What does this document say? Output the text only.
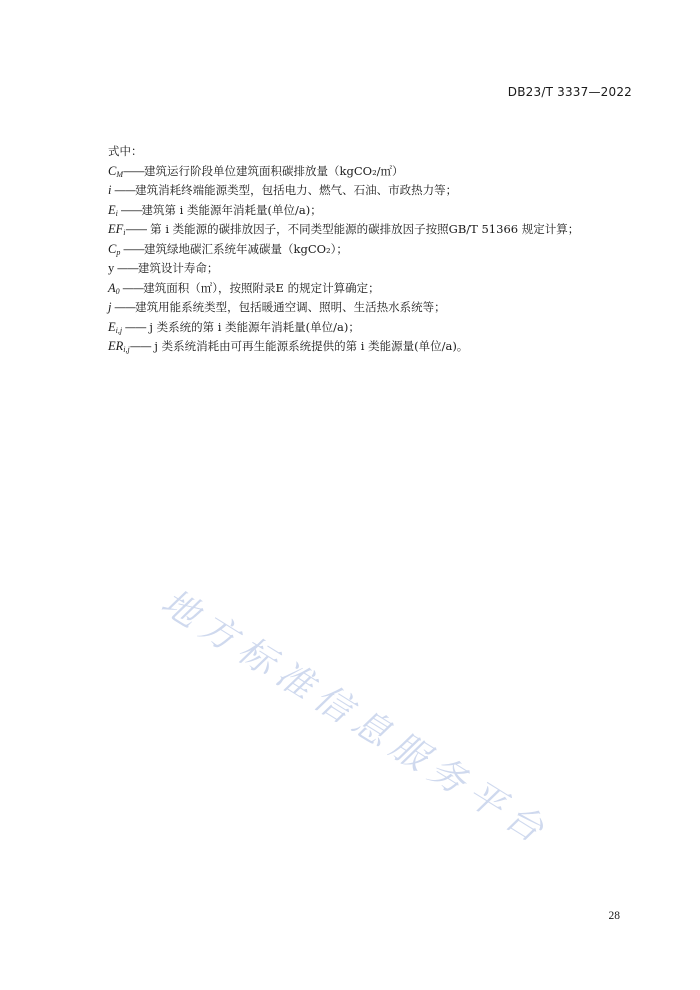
DB23/T 3337—2022

式中：

$C_M——$建筑运行阶段单位建筑面积碳排放量（kgCO₂/㎡）

i ——建筑消耗终端能源类型，包括电力、燃气、石油、市政热力等；

$E_i$ ——建筑第 i 类能源年消耗量(单位/a)；

$EF_i——$ 第 i 类能源的碳排放因子，不同类型能源的碳排放因子按照GB/T 51366 规定计算；

$C_p$ ——建筑绿地碳汇系统年减碳量（kgCO₂）；

y ——建筑设计寿命；

$A_0$ ——建筑面积（㎡），按照附录E 的规定计算确定；

j ——建筑用能系统类型，包括暖通空调、照明、生活热水系统等；

$E_{i,j}$ —— j 类系统的第 i 类能源年消耗量(单位/a)；

$ER_{i,j}——$ j 类系统消耗由可再生能源系统提供的第 i 类能源量(单位/a)。

地方标准信息服务平台
28
